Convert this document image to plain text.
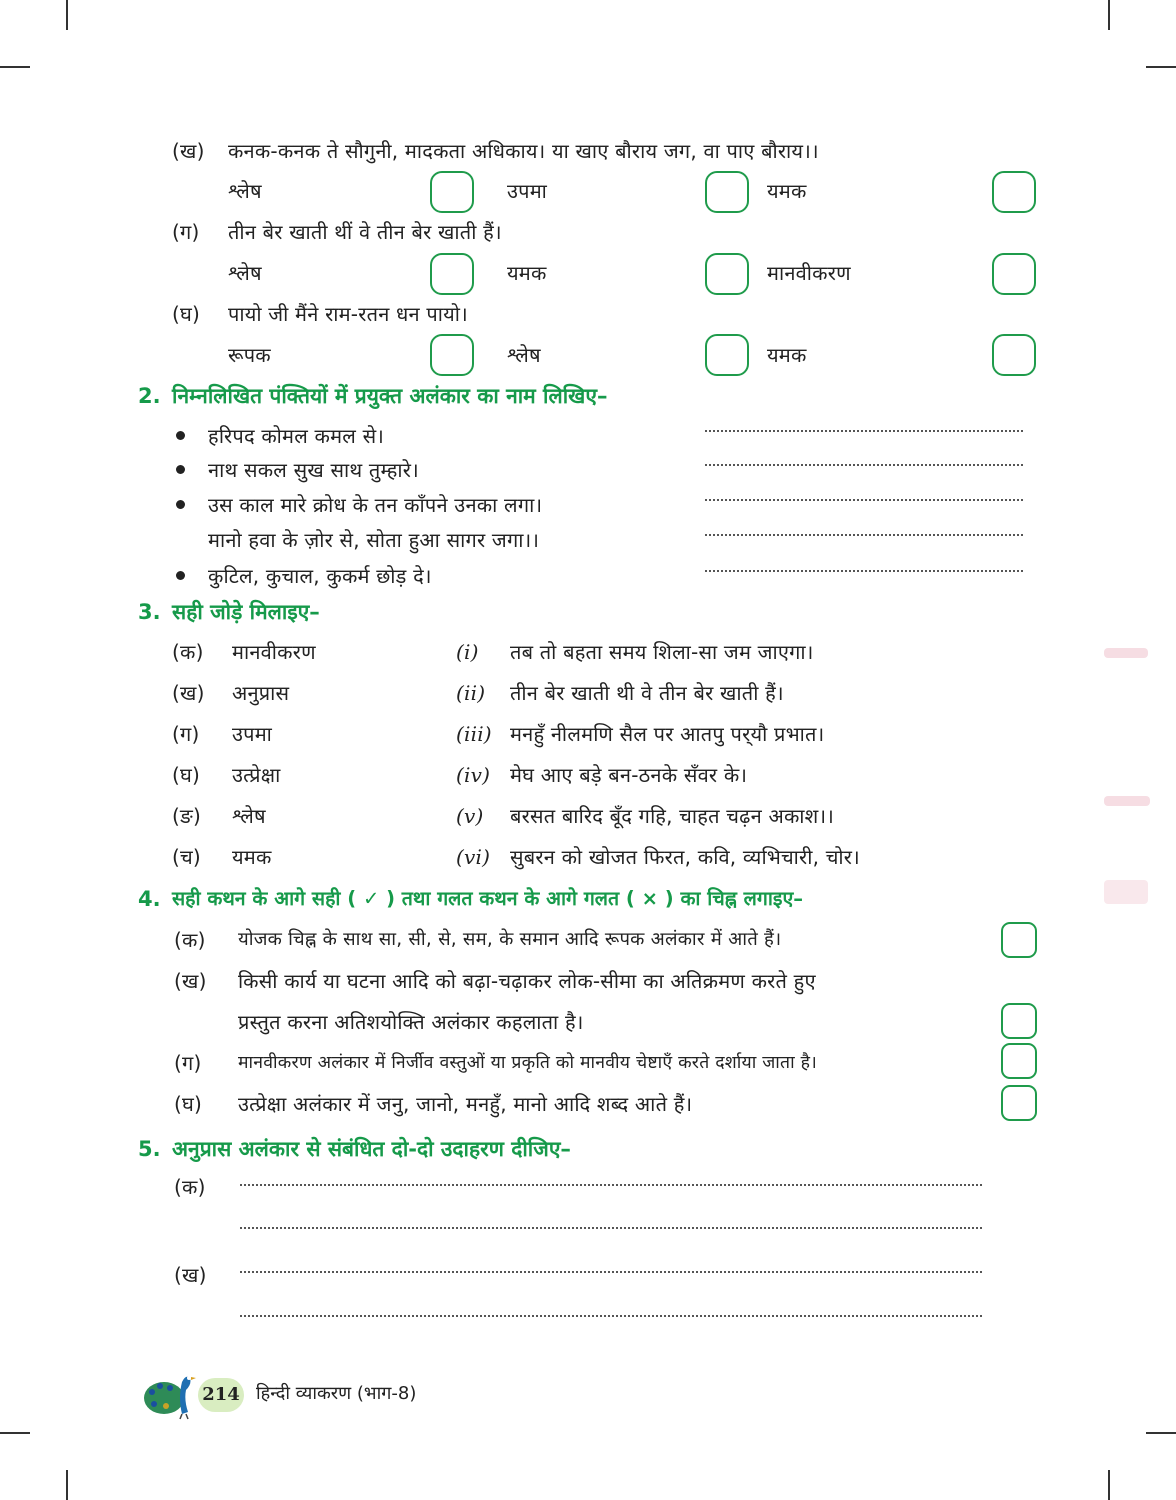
(ख) कनक-कनक ते सौगुनी, मादकता अधिकाय। या खाए बौराय जग, वा पाए बौराय।।
श्लेष	उपमा	यमक
(ग) तीन बेर खाती थीं वे तीन बेर खाती हैं।
श्लेष	यमक	मानवीकरण
(घ) पायो जी मैंने राम-रतन धन पायो।
रूपक	श्लेष	यमक
2. निम्नलिखित पंक्तियों में प्रयुक्त अलंकार का नाम लिखिए–
हरिपद कोमल कमल से।
नाथ सकल सुख साथ तुम्हारे।
उस काल मारे क्रोध के तन काँपने उनका लगा।
मानो हवा के ज़ोर से, सोता हुआ सागर जगा।।
कुटिल, कुचाल, कुकर्म छोड़ दे।
3. सही जोड़े मिलाइए–
(क) मानवीकरण	(i) तब तो बहता समय शिला-सा जम जाएगा।
(ख) अनुप्रास	(ii) तीन बेर खाती थी वे तीन बेर खाती हैं।
(ग) उपमा	(iii) मनहुँ नीलमणि सैल पर आतपु पर्‌यौ प्रभात।
(घ) उत्प्रेक्षा	(iv) मेघ आए बड़े बन-ठनके सँवर के।
(ङ) श्लेष	(v) बरसत बारिद बूँद गहि, चाहत चढ़न अकाश।।
(च) यमक	(vi) सुबरन को खोजत फिरत, कवि, व्यभिचारी, चोर।
4. सही कथन के आगे सही ( ✓ ) तथा गलत कथन के आगे गलत ( × ) का चिह्न लगाइए–
(क) योजक चिह्न के साथ सा, सी, से, सम, के समान आदि रूपक अलंकार में आते हैं।
(ख) किसी कार्य या घटना आदि को बढ़ा-चढ़ाकर लोक-सीमा का अतिक्रमण करते हुए
प्रस्तुत करना अतिशयोक्ति अलंकार कहलाता है।
(ग) मानवीकरण अलंकार में निर्जीव वस्तुओं या प्रकृति को मानवीय चेष्टाएँ करते दर्शाया जाता है।
(घ) उत्प्रेक्षा अलंकार में जनु, जानो, मनहुँ, मानो आदि शब्द आते हैं।
5. अनुप्रास अलंकार से संबंधित दो-दो उदाहरण दीजिए–
(क)
(ख)
214 हिन्दी व्याकरण (भाग-8)
